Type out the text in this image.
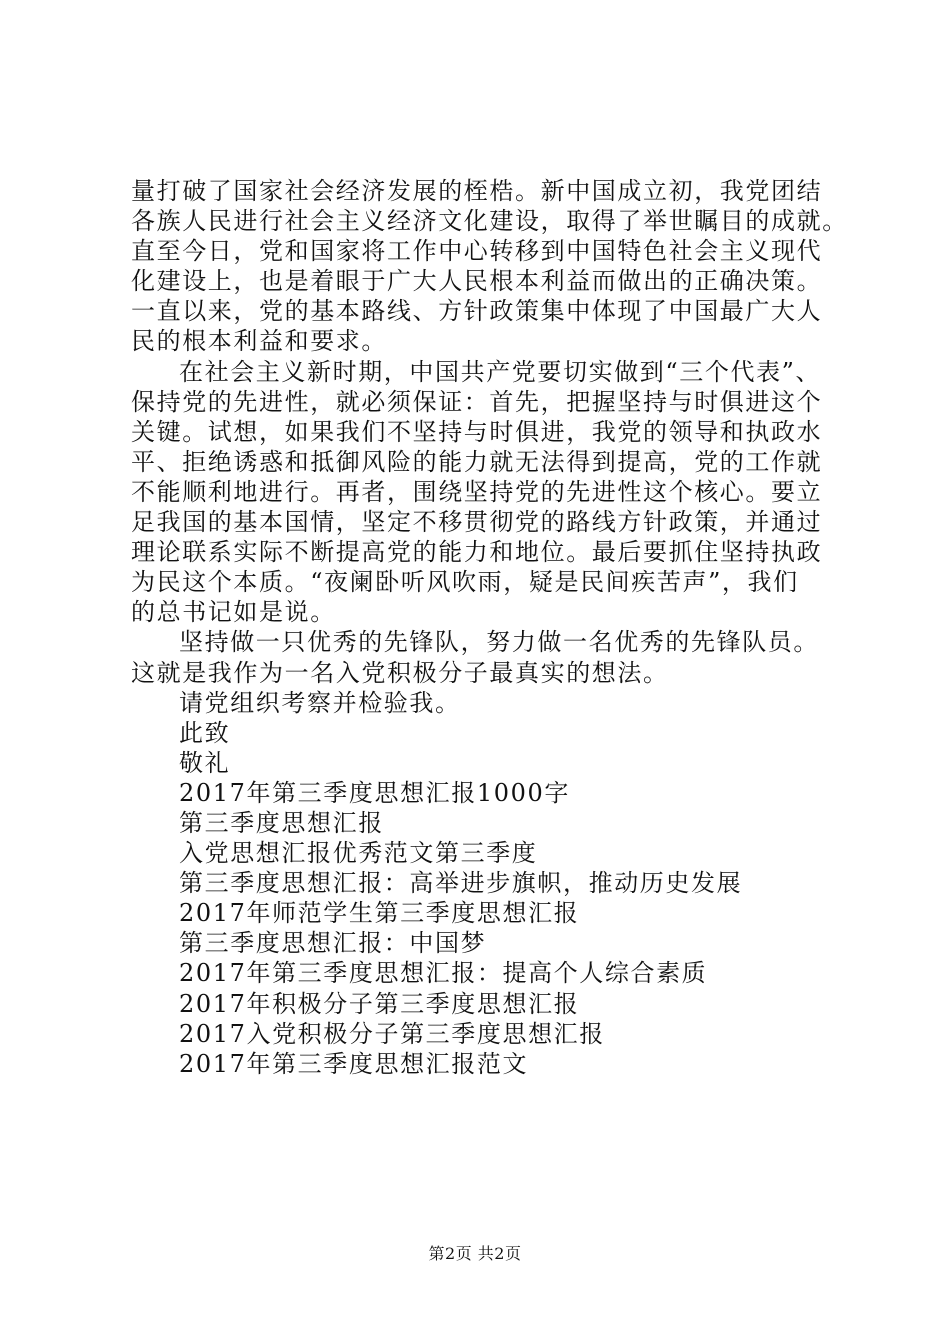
量打破了国家社会经济发展的桎梏。新中国成立初，我党团结
各族人民进行社会主义经济文化建设，取得了举世瞩目的成就。
直至今日，党和国家将工作中心转移到中国特色社会主义现代
化建设上，也是着眼于广大人民根本利益而做出的正确决策。
一直以来，党的基本路线、方针政策集中体现了中国最广大人
民的根本利益和要求。
在社会主义新时期，中国共产党要切实做到“三个代表”、
保持党的先进性，就必须保证：首先，把握坚持与时俱进这个
关键。试想，如果我们不坚持与时俱进，我党的领导和执政水
平、拒绝诱惑和抵御风险的能力就无法得到提高，党的工作就
不能顺利地进行。再者，围绕坚持党的先进性这个核心。要立
足我国的基本国情，坚定不移贯彻党的路线方针政策，并通过
理论联系实际不断提高党的能力和地位。最后要抓住坚持执政
为民这个本质。“夜阑卧听风吹雨，疑是民间疾苦声”，我们
的总书记如是说。
坚持做一只优秀的先锋队，努力做一名优秀的先锋队员。
这就是我作为一名入党积极分子最真实的想法。
请党组织考察并检验我。
此致
敬礼
2017年第三季度思想汇报1000字
第三季度思想汇报
入党思想汇报优秀范文第三季度
第三季度思想汇报：高举进步旗帜，推动历史发展
2017年师范学生第三季度思想汇报
第三季度思想汇报：中国梦
2017年第三季度思想汇报：提高个人综合素质
2017年积极分子第三季度思想汇报
2017入党积极分子第三季度思想汇报
2017年第三季度思想汇报范文
第2页 共2页
